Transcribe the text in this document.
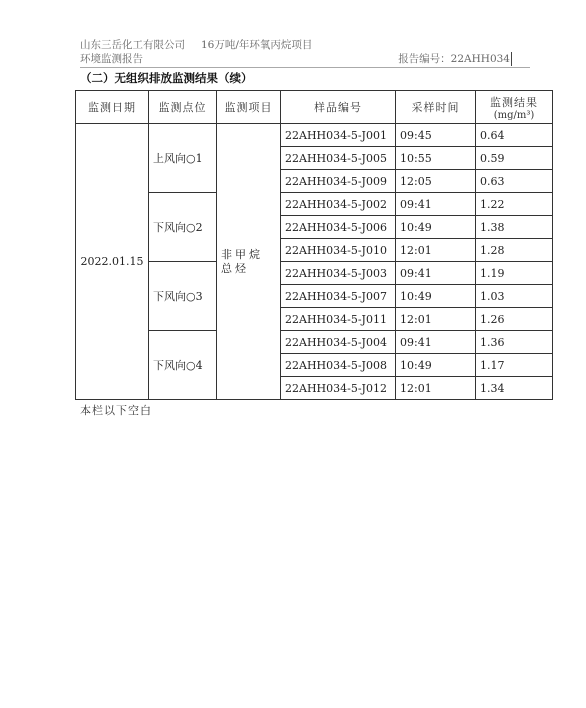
山东三岳化工有限公司 16万吨/年环氧丙烷项目
环境监测报告	报告编号：22AHH034
（二）无组织排放监测结果（续）
监测日期	监测点位	监测项目	样品编号	采样时间	监测结果
(mg/m³)

2022.01.15	上风向○1	非甲烷总烃	22AHH034-5-J001	09:45	0.64
			22AHH034-5-J005	10:55	0.59
			22AHH034-5-J009	12:05	0.63
	下风向○2		22AHH034-5-J002	09:41	1.22
			22AHH034-5-J006	10:49	1.38
			22AHH034-5-J010	12:01	1.28
	下风向○3		22AHH034-5-J003	09:41	1.19
			22AHH034-5-J007	10:49	1.03
			22AHH034-5-J011	12:01	1.26
	下风向○4		22AHH034-5-J004	09:41	1.36
			22AHH034-5-J008	10:49	1.17
			22AHH034-5-J012	12:01	1.34
本栏以下空白
